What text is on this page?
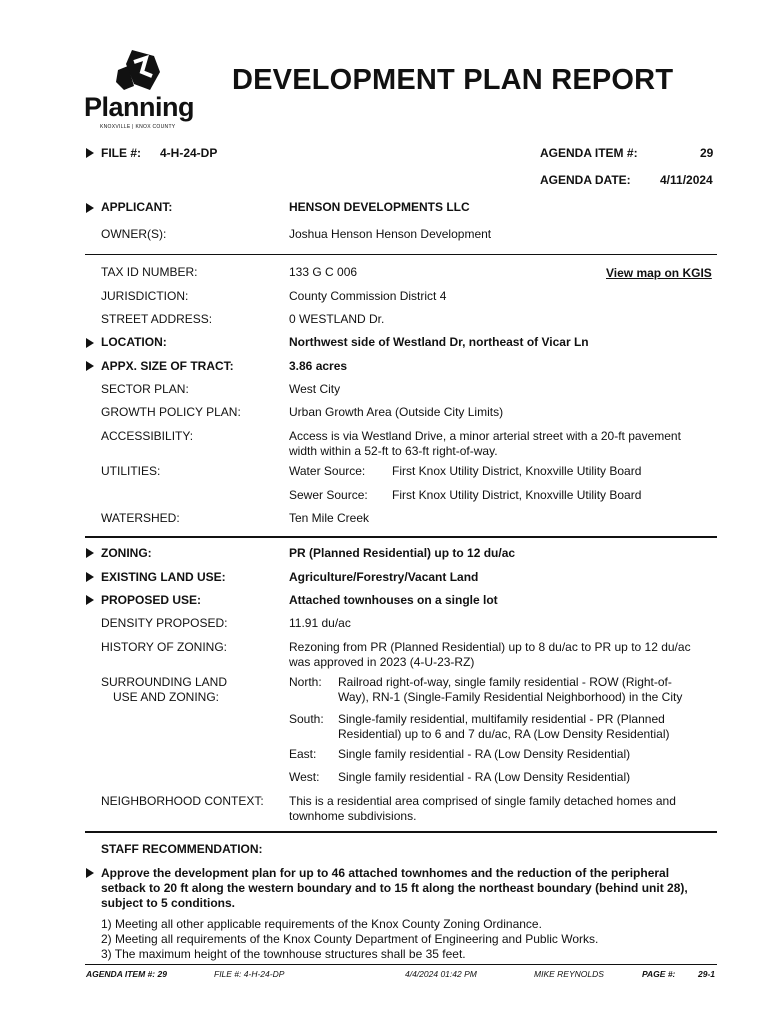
Planning
KNOXVILLE | KNOX COUNTY
DEVELOPMENT PLAN REPORT
FILE #: 4-H-24-DP	AGENDA ITEM #:	29
AGENDA DATE: 4/11/2024
APPLICANT:	HENSON DEVELOPMENTS LLC
OWNER(S):	Joshua Henson Henson Development
TAX ID NUMBER:	133 G C 006	View map on KGIS
JURISDICTION:	County Commission District 4
STREET ADDRESS:	0 WESTLAND Dr.
LOCATION:	Northwest side of Westland Dr, northeast of Vicar Ln
APPX. SIZE OF TRACT:	3.86 acres
SECTOR PLAN:	West City
GROWTH POLICY PLAN:	Urban Growth Area (Outside City Limits)
ACCESSIBILITY:	Access is via Westland Drive, a minor arterial street with a 20-ft pavement
width within a 52-ft to 63-ft right-of-way.
UTILITIES:	Water Source: First Knox Utility District, Knoxville Utility Board
Sewer Source: First Knox Utility District, Knoxville Utility Board
WATERSHED:	Ten Mile Creek
ZONING:	PR (Planned Residential) up to 12 du/ac
EXISTING LAND USE:	Agriculture/Forestry/Vacant Land
PROPOSED USE:	Attached townhouses on a single lot
DENSITY PROPOSED:	11.91 du/ac
HISTORY OF ZONING:	Rezoning from PR (Planned Residential) up to 8 du/ac to PR up to 12 du/ac
was approved in 2023 (4-U-23-RZ)
SURROUNDING LAND
USE AND ZONING:
North: Railroad right-of-way, single family residential - ROW (Right-of-
Way), RN-1 (Single-Family Residential Neighborhood) in the City
South: Single-family residential, multifamily residential - PR (Planned
Residential) up to 6 and 7 du/ac, RA (Low Density Residential)
East: Single family residential - RA (Low Density Residential)
West: Single family residential - RA (Low Density Residential)
NEIGHBORHOOD CONTEXT: This is a residential area comprised of single family detached homes and
townhome subdivisions.
STAFF RECOMMENDATION:
Approve the development plan for up to 46 attached townhomes and the reduction of the peripheral
setback to 20 ft along the western boundary and to 15 ft along the northeast boundary (behind unit 28),
subject to 5 conditions.
1) Meeting all other applicable requirements of the Knox County Zoning Ordinance.
2) Meeting all requirements of the Knox County Department of Engineering and Public Works.
3) The maximum height of the townhouse structures shall be 35 feet.
AGENDA ITEM #: 29	FILE #: 4-H-24-DP	4/4/2024 01:42 PM	MIKE REYNOLDS	PAGE #:	29-1
